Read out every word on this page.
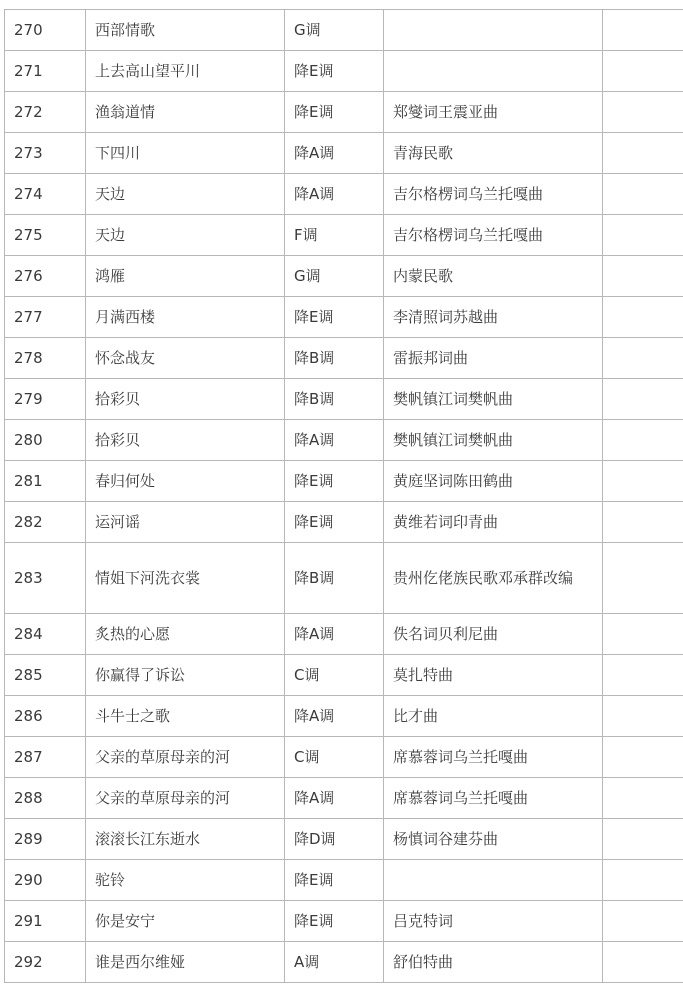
270	西部情歌	G调		
271	上去高山望平川	降E调		
272	渔翁道情	降E调	郑燮词王震亚曲	
273	下四川	降A调	青海民歌	
274	天边	降A调	吉尔格楞词乌兰托嘎曲	
275	天边	F调	吉尔格楞词乌兰托嘎曲	
276	鸿雁	G调	内蒙民歌	
277	月满西楼	降E调	李清照词苏越曲	
278	怀念战友	降B调	雷振邦词曲	
279	拾彩贝	降B调	樊帆镇江词樊帆曲	
280	拾彩贝	降A调	樊帆镇江词樊帆曲	
281	春归何处	降E调	黄庭坚词陈田鹤曲	
282	运河谣	降E调	黄维若词印青曲	
283	情姐下河洗衣裳	降B调	贵州仡佬族民歌邓承群改编	
284	炙热的心愿	降A调	佚名词贝利尼曲	
285	你赢得了诉讼	C调	莫扎特曲	
286	斗牛士之歌	降A调	比才曲	
287	父亲的草原母亲的河	C调	席慕蓉词乌兰托嘎曲	
288	父亲的草原母亲的河	降A调	席慕蓉词乌兰托嘎曲	
289	滚滚长江东逝水	降D调	杨慎词谷建芬曲	
290	驼铃	降E调		
291	你是安宁	降E调	吕克特词	
292	谁是西尔维娅	A调	舒伯特曲	
